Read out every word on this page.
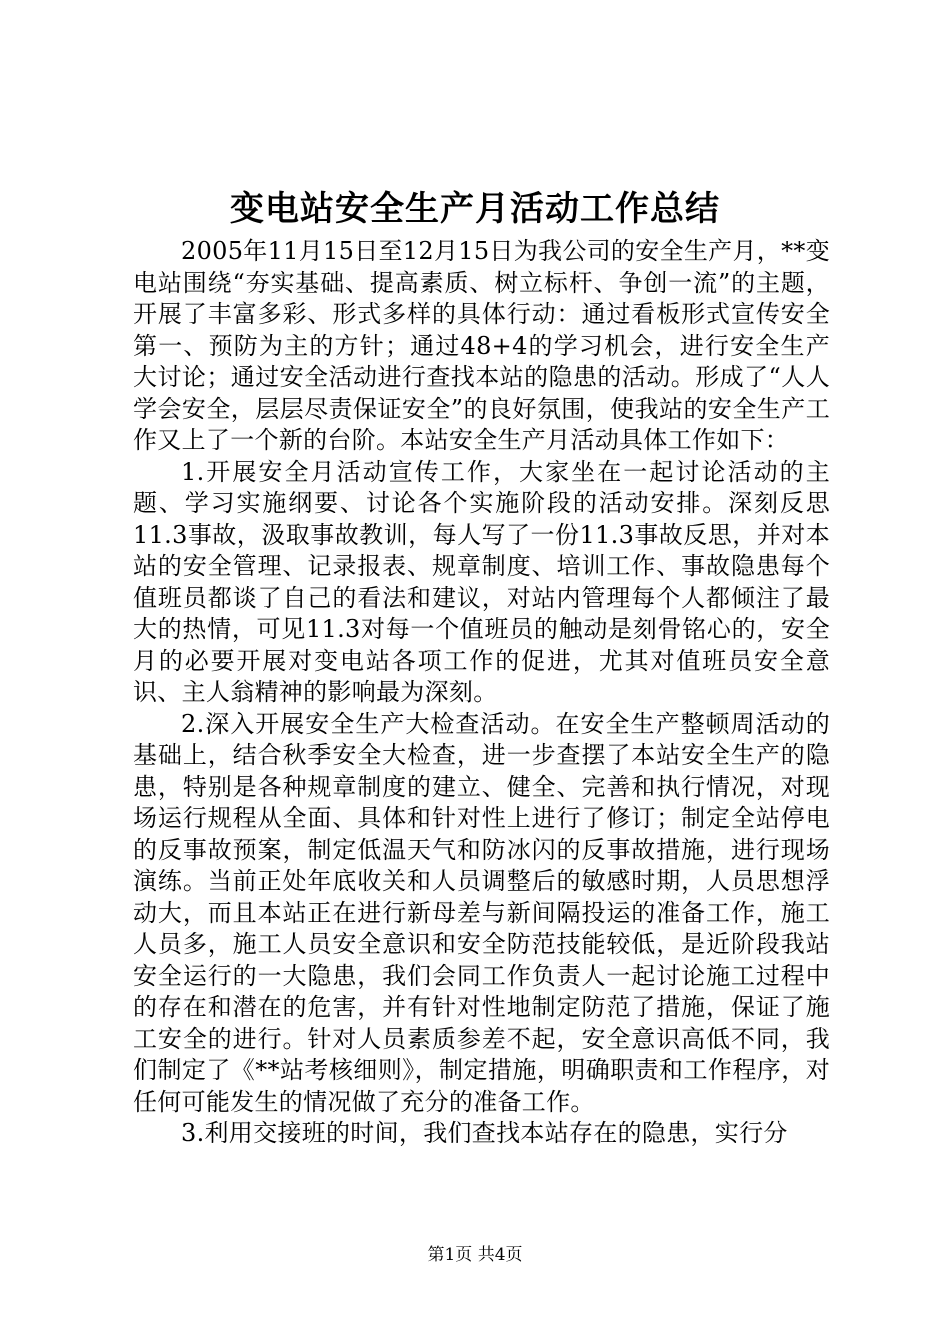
变电站安全生产月活动工作总结

2005年11月15日至12月15日为我公司的安全生产月，**变电站围绕“夯实基础、提高素质、树立标杆、争创一流”的主题，开展了丰富多彩、形式多样的具体行动：通过看板形式宣传安全第一、预防为主的方针；通过48+4的学习机会，进行安全生产大讨论；通过安全活动进行查找本站的隐患的活动。形成了“人人学会安全，层层尽责保证安全”的良好氛围，使我站的安全生产工作又上了一个新的台阶。本站安全生产月活动具体工作如下：

1.开展安全月活动宣传工作，大家坐在一起讨论活动的主题、学习实施纲要、讨论各个实施阶段的活动安排。深刻反思11.3事故，汲取事故教训，每人写了一份11.3事故反思，并对本站的安全管理、记录报表、规章制度、培训工作、事故隐患每个值班员都谈了自己的看法和建议，对站内管理每个人都倾注了最大的热情，可见11.3对每一个值班员的触动是刻骨铭心的，安全月的必要开展对变电站各项工作的促进，尤其对值班员安全意识、主人翁精神的影响最为深刻。

2.深入开展安全生产大检查活动。在安全生产整顿周活动的基础上，结合秋季安全大检查，进一步查摆了本站安全生产的隐患，特别是各种规章制度的建立、健全、完善和执行情况，对现场运行规程从全面、具体和针对性上进行了修订；制定全站停电的反事故预案，制定低温天气和防冰闪的反事故措施，进行现场演练。当前正处年底收关和人员调整后的敏感时期，人员思想浮动大，而且本站正在进行新母差与新间隔投运的准备工作，施工人员多，施工人员安全意识和安全防范技能较低，是近阶段我站安全运行的一大隐患，我们会同工作负责人一起讨论施工过程中的存在和潜在的危害，并有针对性地制定防范了措施，保证了施工安全的进行。针对人员素质参差不起，安全意识高低不同，我们制定了《**站考核细则》，制定措施，明确职责和工作程序，对任何可能发生的情况做了充分的准备工作。

3.利用交接班的时间，我们查找本站存在的隐患，实行分

第1页 共4页
